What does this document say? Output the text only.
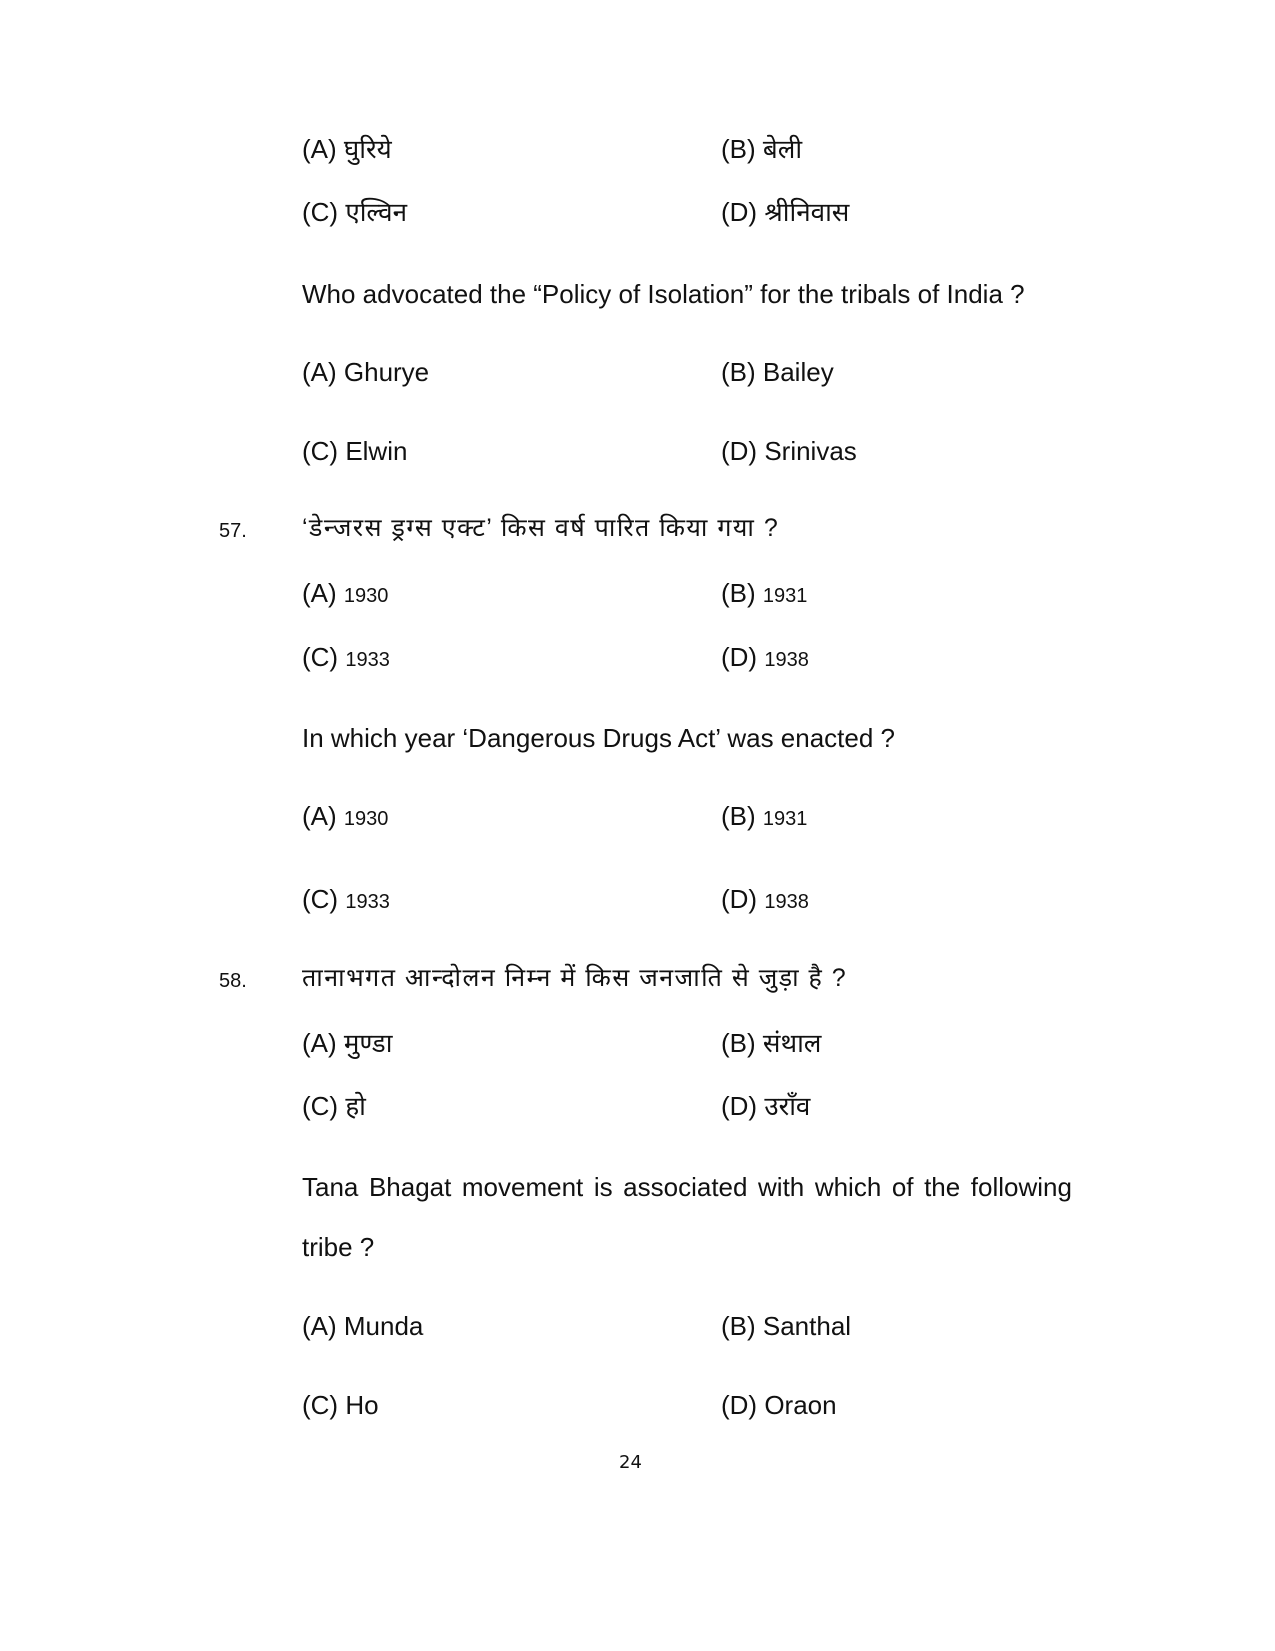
(A) घुरिये	(B) बेली
(C) एल्विन	(D) श्रीनिवास
Who advocated the “Policy of Isolation” for the tribals of India ?
(A) Ghurye	(B) Bailey
(C) Elwin	(D) Srinivas
57. ‘डेन्जरस ड्रग्स एक्ट’ किस वर्ष पारित किया गया ?
(A) 1930	(B) 1931
(C) 1933	(D) 1938
In which year ‘Dangerous Drugs Act’ was enacted ?
(A) 1930	(B) 1931
(C) 1933	(D) 1938
58. तानाभगत आन्दोलन निम्न में किस जनजाति से जुड़ा है ?
(A) मुण्डा	(B) संथाल
(C) हो	(D) उराँव
Tana Bhagat movement is associated with which of the following
tribe ?
(A) Munda	(B) Santhal
(C) Ho	(D) Oraon
24
